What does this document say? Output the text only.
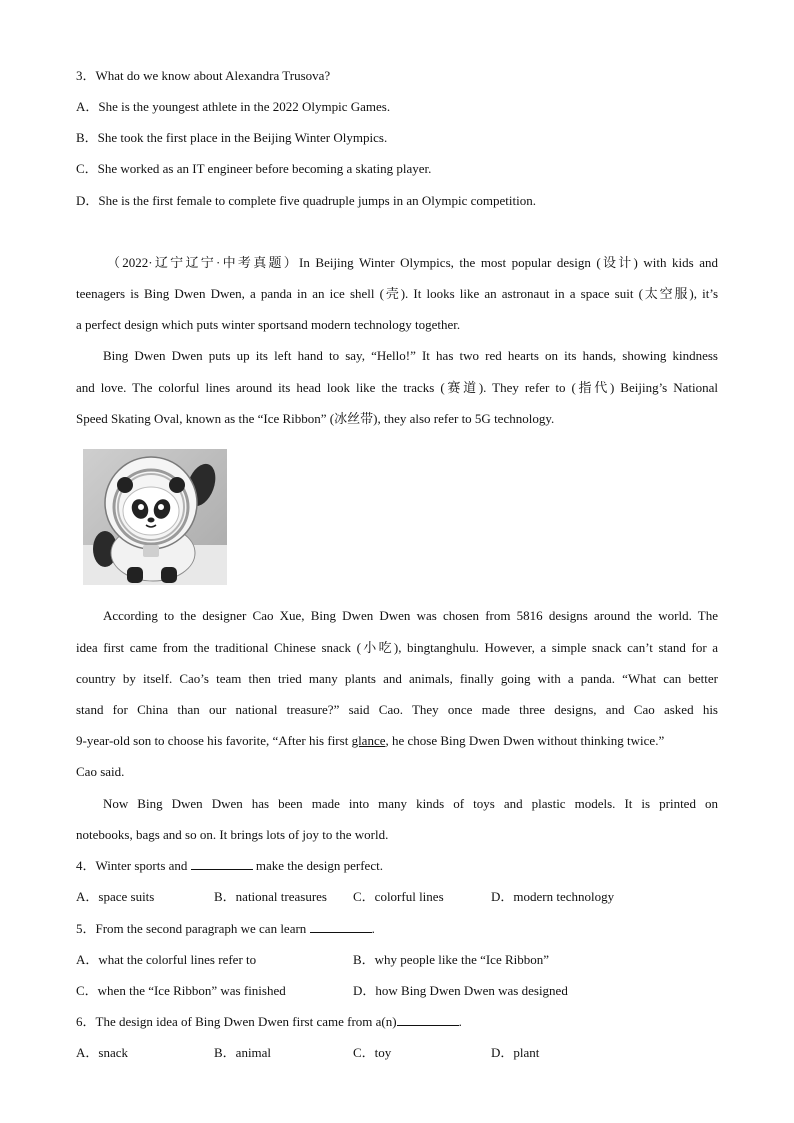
3．What do we know about Alexandra Trusova?
A．She is the youngest athlete in the 2022 Olympic Games.
B．She took the first place in the Beijing Winter Olympics.
C．She worked as an IT engineer before becoming a skating player.
D．She is the first female to complete five quadruple jumps in an Olympic competition.
（2022·辽宁辽宁·中考真题）In Beijing Winter Olympics, the most popular design (设计) with kids and
teenagers is Bing Dwen Dwen, a panda in an ice shell (壳). It looks like an astronaut in a space suit (太空服), it’s
a perfect design which puts winter sportsand modern technology together.
Bing Dwen Dwen puts up its left hand to say, “Hello!” It has two red hearts on its hands, showing kindness
and love. The colorful lines around its head look like the tracks (赛道). They refer to (指代) Beijing’s National
Speed Skating Oval, known as the “Ice Ribbon” (冰丝带), they also refer to 5G technology.
According to the designer Cao Xue, Bing Dwen Dwen was chosen from 5816 designs around the world. The
idea first came from the traditional Chinese snack (小吃), bingtanghulu. However, a simple snack can’t stand for a
country by itself. Cao’s team then tried many plants and animals, finally going with a panda. “What can better
stand for China than our national treasure?” said Cao. They once made three designs, and Cao asked his
9-year-old son to choose his favorite, “After his first glance, he chose Bing Dwen Dwen without thinking twice.”
Cao said.
Now Bing Dwen Dwen has been made into many kinds of toys and plastic models. It is printed on
notebooks, bags and so on. It brings lots of joy to the world.
4．Winter sports and	make the design perfect.
A．space suits	B．national treasures C．colorful lines	D．modern technology
5．From the second paragraph we can learn	.
A．what the colorful lines refer to	B．why people like the “Ice Ribbon”
C．when the “Ice Ribbon” was finished	D．how Bing Dwen Dwen was designed
6．The design idea of Bing Dwen Dwen first came from a(n)	.
A．snack	B．animal	C．toy	D．plant
